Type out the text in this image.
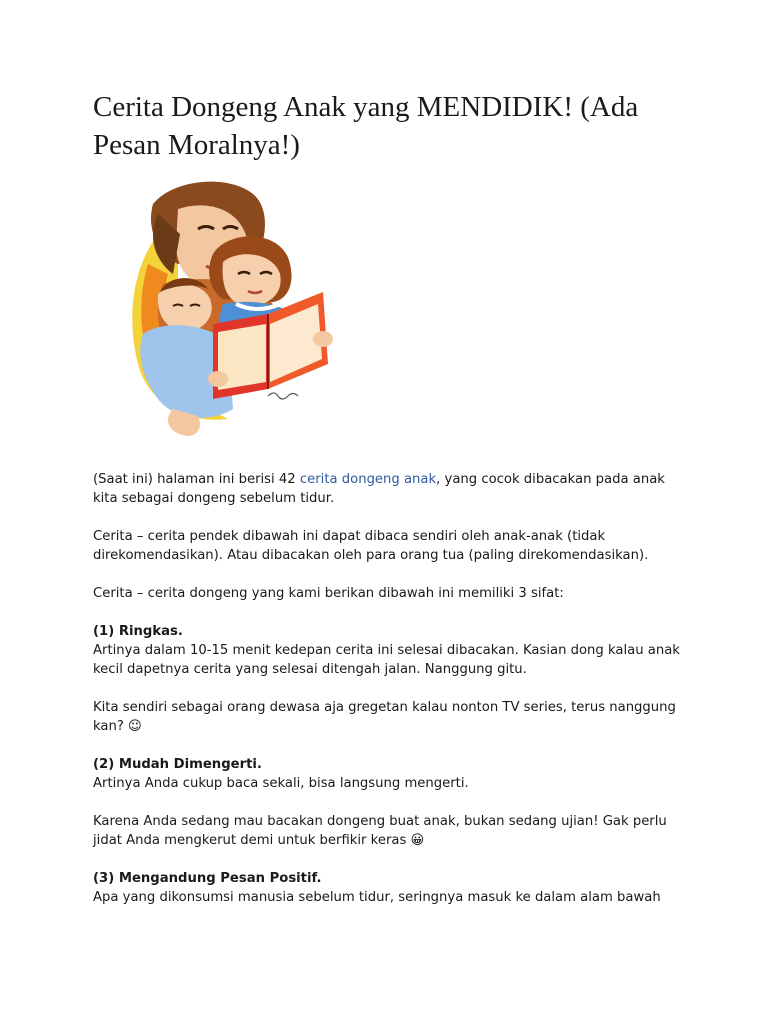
Cerita Dongeng Anak yang MENDIDIK! (Ada Pesan Moralnya!)

(Saat ini) halaman ini berisi 42 cerita dongeng anak, yang cocok dibacakan pada anak kita sebagai dongeng sebelum tidur.

Cerita – cerita pendek dibawah ini dapat dibaca sendiri oleh anak-anak (tidak direkomendasikan). Atau dibacakan oleh para orang tua (paling direkomendasikan).

Cerita – cerita dongeng yang kami berikan dibawah ini memiliki 3 sifat:

(1) Ringkas.
Artinya dalam 10-15 menit kedepan cerita ini selesai dibacakan. Kasian dong kalau anak kecil dapetnya cerita yang selesai ditengah jalan. Nanggung gitu.

Kita sendiri sebagai orang dewasa aja gregetan kalau nonton TV series, terus nanggung kan? ☺

(2) Mudah Dimengerti.
Artinya Anda cukup baca sekali, bisa langsung mengerti.

Karena Anda sedang mau bacakan dongeng buat anak, bukan sedang ujian! Gak perlu jidat Anda mengkerut demi untuk berfikir keras 😀

(3) Mengandung Pesan Positif.
Apa yang dikonsumsi manusia sebelum tidur, seringnya masuk ke dalam alam bawah
